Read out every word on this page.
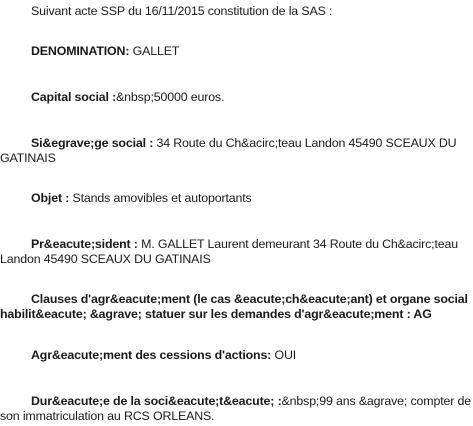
Suivant acte SSP du 16/11/2015 constitution de la SAS :
DENOMINATION: GALLET
Capital social :&nbsp;50000 euros.
Si&egrave;ge social : 34 Route du Ch&acirc;teau Landon 45490 SCEAUX DU
GATINAIS
Objet : Stands amovibles et autoportants
Pr&eacute;sident : M. GALLET Laurent demeurant 34 Route du Ch&acirc;teau
Landon 45490 SCEAUX DU GATINAIS
Clauses d'agr&eacute;ment (le cas &eacute;ch&eacute;ant) et organe social
habilit&eacute; &agrave; statuer sur les demandes d'agr&eacute;ment : AG
Agr&eacute;ment des cessions d'actions: OUI
Dur&eacute;e de la soci&eacute;t&eacute; :&nbsp;99 ans &agrave; compter de
son immatriculation au RCS ORLEANS.
